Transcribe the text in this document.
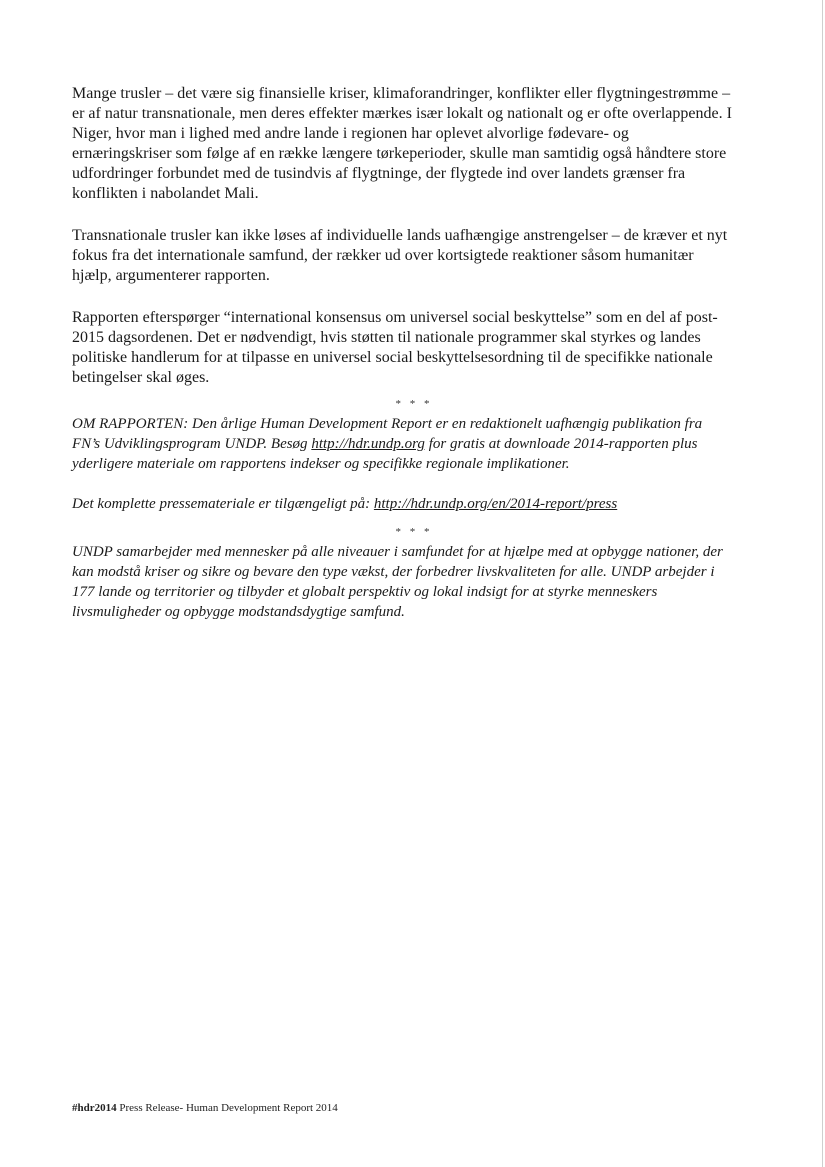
Mange trusler – det være sig finansielle kriser, klimaforandringer, konflikter eller flygtningestrømme – er af natur transnationale, men deres effekter mærkes især lokalt og nationalt og er ofte overlappende. I Niger, hvor man i lighed med andre lande i regionen har oplevet alvorlige fødevare- og ernæringskriser som følge af en række længere tørkeperioder, skulle man samtidig også håndtere store udfordringer forbundet med de tusindvis af flygtninge, der flygtede ind over landets grænser fra konflikten i nabolandet Mali.

Transnationale trusler kan ikke løses af individuelle lands uafhængige anstrengelser – de kræver et nyt fokus fra det internationale samfund, der rækker ud over kortsigtede reaktioner såsom humanitær hjælp, argumenterer rapporten.

Rapporten efterspørger “international konsensus om universel social beskyttelse” som en del af post-2015 dagsordenen. Det er nødvendigt, hvis støtten til nationale programmer skal styrkes og landes politiske handlerum for at tilpasse en universel social beskyttelsesordning til de specifikke nationale betingelser skal øges.

* * *

OM RAPPORTEN: Den årlige Human Development Report er en redaktionelt uafhængig publikation fra FN’s Udviklingsprogram UNDP. Besøg http://hdr.undp.org for gratis at downloade 2014-rapporten plus yderligere materiale om rapportens indekser og specifikke regionale implikationer.

Det komplette pressemateriale er tilgængeligt på: http://hdr.undp.org/en/2014-report/press

* * *

UNDP samarbejder med mennesker på alle niveauer i samfundet for at hjælpe med at opbygge nationer, der kan modstå kriser og sikre og bevare den type vækst, der forbedrer livskvaliteten for alle. UNDP arbejder i 177 lande og territorier og tilbyder et globalt perspektiv og lokal indsigt for at styrke menneskers livsmuligheder og opbygge modstandsdygtige samfund.

#hdr2014 Press Release- Human Development Report 2014
